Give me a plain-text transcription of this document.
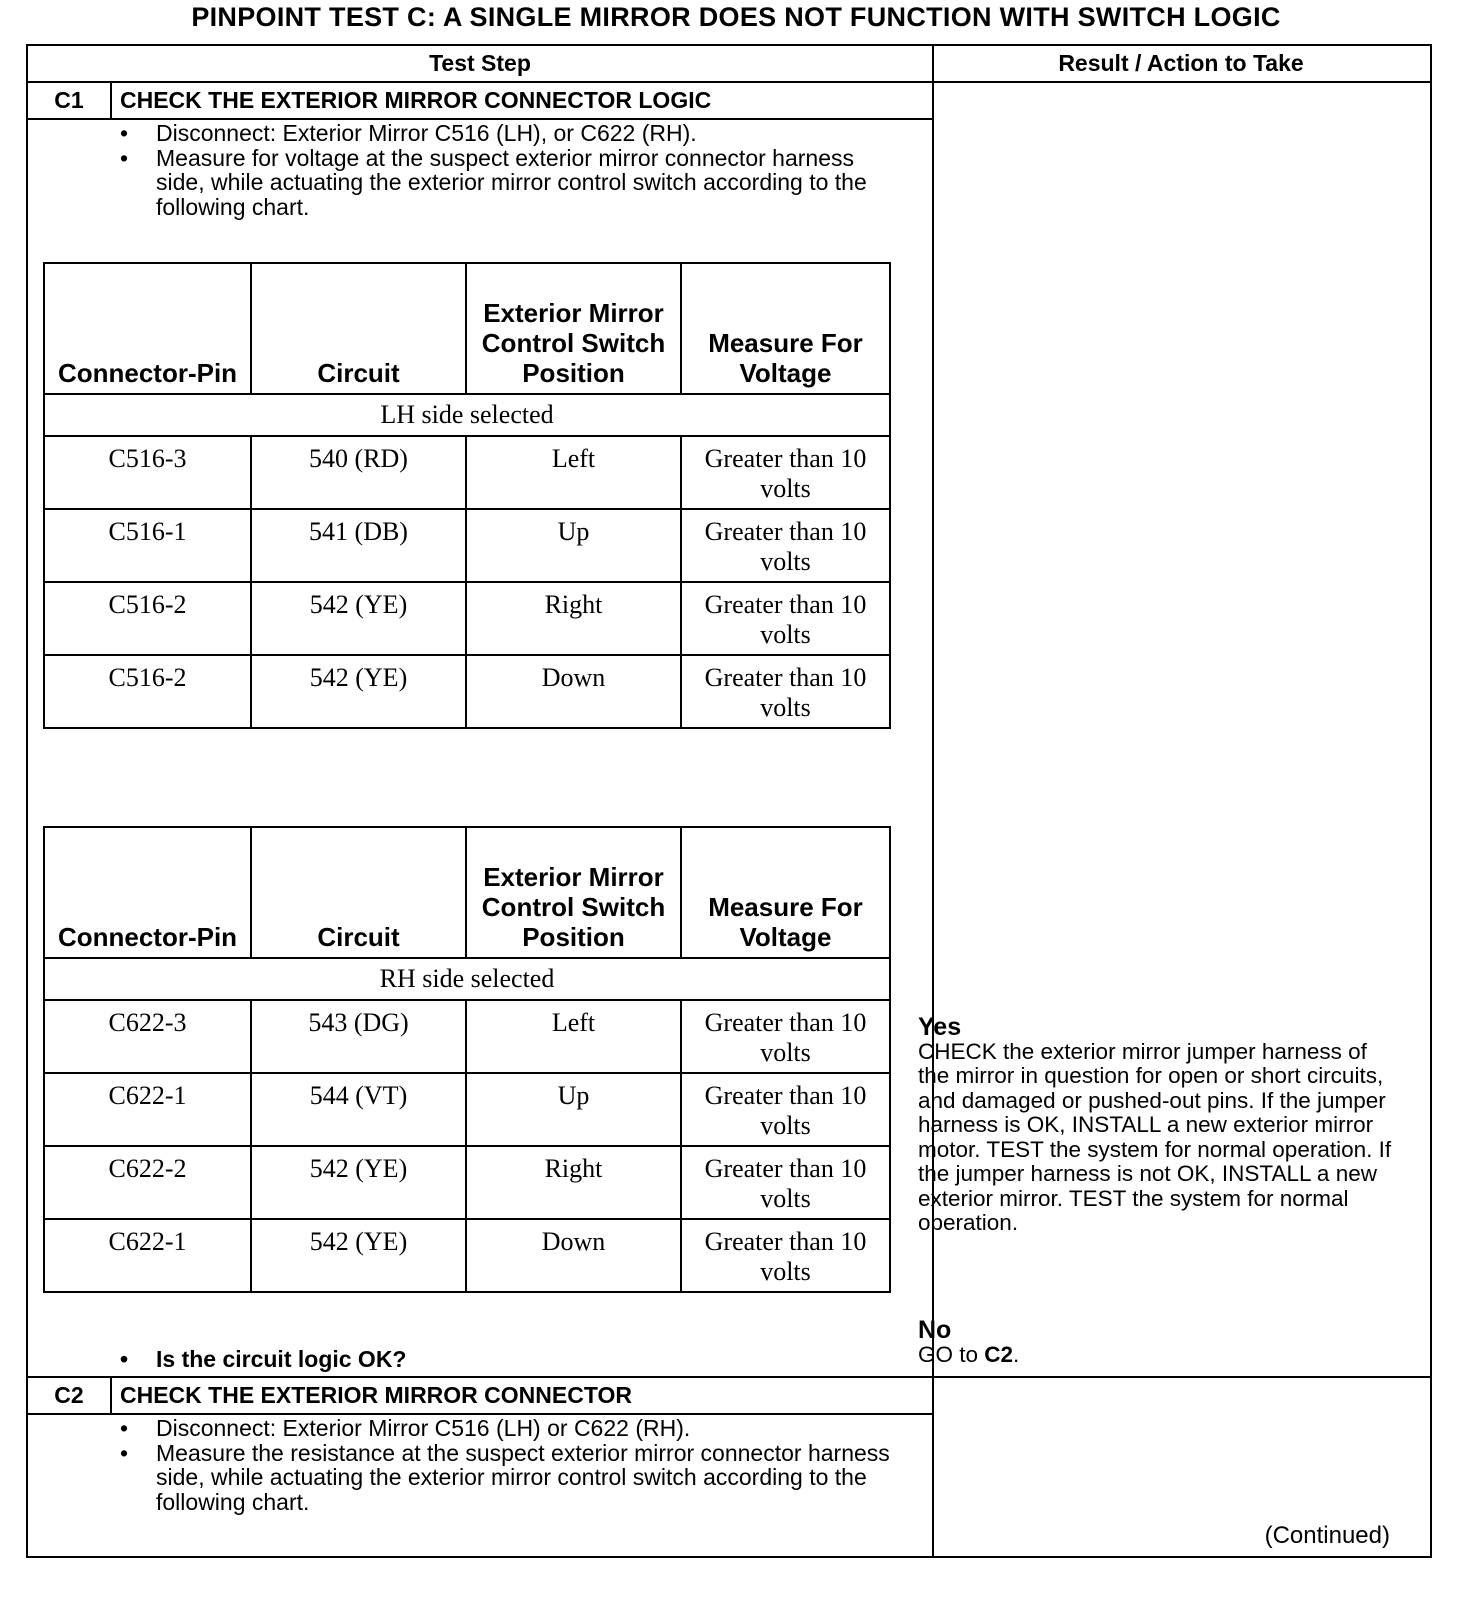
PINPOINT TEST C: A SINGLE MIRROR DOES NOT FUNCTION WITH SWITCH LOGIC
Test Step	Result / Action to Take
C1	CHECK THE EXTERIOR MIRROR CONNECTOR LOGIC
• Disconnect: Exterior Mirror C516 (LH), or C622 (RH).
• Measure for voltage at the suspect exterior mirror connector harness side, while actuating the exterior mirror control switch according to the following chart.
Connector-Pin	Circuit	Exterior Mirror Control Switch Position	Measure For Voltage
LH side selected			
C516-3	540 (RD)	Left	Greater than 10 volts
C516-1	541 (DB)	Up	Greater than 10 volts
C516-2	542 (YE)	Right	Greater than 10 volts
C516-2	542 (YE)	Down	Greater than 10 volts
Connector-Pin	Circuit	Exterior Mirror Control Switch Position	Measure For Voltage
RH side selected			
C622-3	543 (DG)	Left	Greater than 10 volts
C622-1	544 (VT)	Up	Greater than 10 volts
C622-2	542 (YE)	Right	Greater than 10 volts
C622-1	542 (YE)	Down	Greater than 10 volts
• Is the circuit logic OK?
Yes
CHECK the exterior mirror jumper harness of the mirror in question for open or short circuits, and damaged or pushed-out pins. If the jumper harness is OK, INSTALL a new exterior mirror motor. TEST the system for normal operation. If the jumper harness is not OK, INSTALL a new exterior mirror. TEST the system for normal operation.
No
GO to C2.
C2	CHECK THE EXTERIOR MIRROR CONNECTOR
• Disconnect: Exterior Mirror C516 (LH) or C622 (RH).
• Measure the resistance at the suspect exterior mirror connector harness side, while actuating the exterior mirror control switch according to the following chart.
(Continued)
